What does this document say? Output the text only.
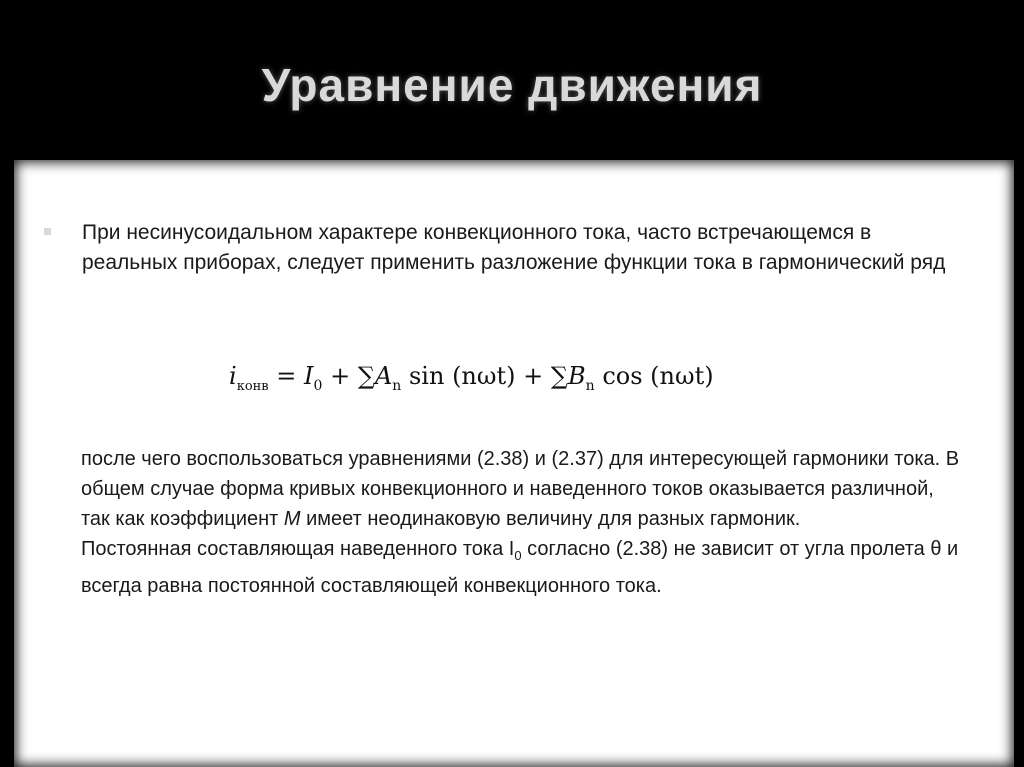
Уравнение движения
При несинусоидальном характере конвекционного тока, часто встречающемся в реальных приборах, следует применить разложение функции тока в гармонический ряд
$i_{конв} = I_0 + \sum A_n$ $\sin (n\omega t) + \sum B_n$ cos (nωt)

после чего воспользоваться уравнениями (2.38) и (2.37) для интересующей гармоники тока. В общем случае форма кривых конвекционного и наведенного токов оказывается различной, так как коэффициент M имеет неодинаковую величину для разных гармоник.

Постоянная составляющая наведенного тока $I_0$ согласно (2.38) не зависит от угла пролета θ и всегда равна постоянной составляющей конвекционного тока.
